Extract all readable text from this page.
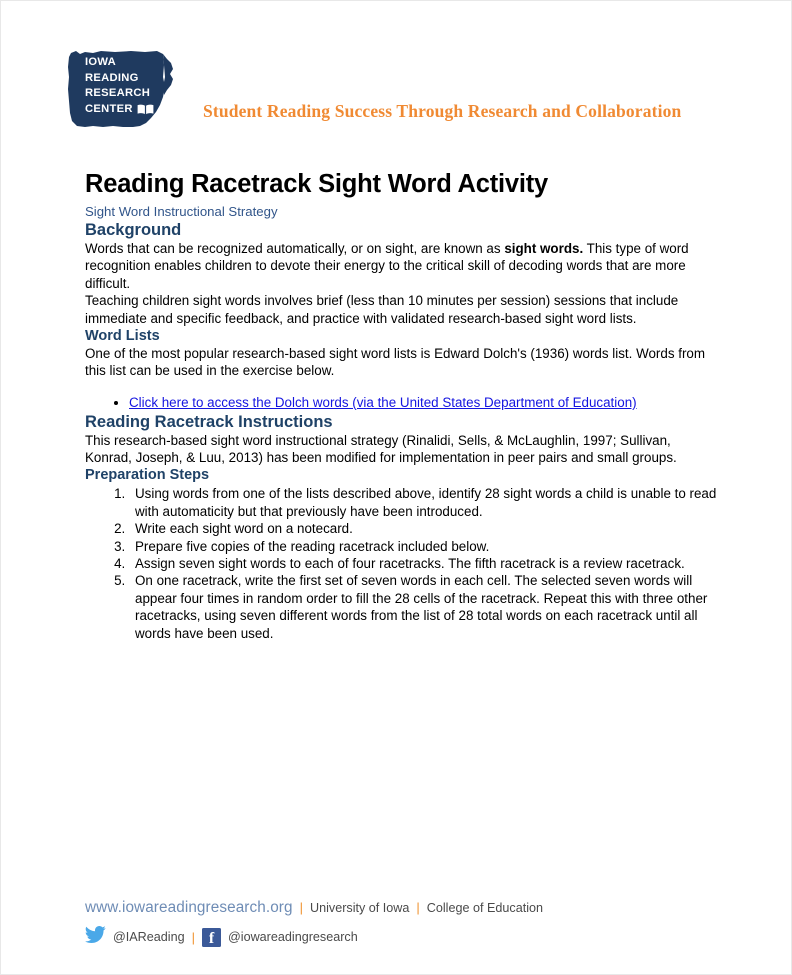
IOWA
READING
RESEARCH
CENTER	Student Reading Success Through Research and Collaboration
Reading Racetrack Sight Word Activity
Sight Word Instructional Strategy
Background

Words that can be recognized automatically, or on sight, are known as sight words. This type of word recognition enables children to devote their energy to the critical skill of decoding words that are more difficult.

Teaching children sight words involves brief (less than 10 minutes per session) sessions that include immediate and specific feedback, and practice with validated research-based sight word lists.

Word Lists

One of the most popular research-based sight word lists is Edward Dolch's (1936) words list. Words from this list can be used in the exercise below.

• Click here to access the Dolch words (via the United States Department of Education)
Reading Racetrack Instructions

This research-based sight word instructional strategy (Rinalidi, Sells, & McLaughlin, 1997; Sullivan, Konrad, Joseph, & Luu, 2013) has been modified for implementation in peer pairs and small groups.

Preparation Steps
1. Using words from one of the lists described above, identify 28 sight words a child is unable to read with automaticity but that previously have been introduced.
2. Write each sight word on a notecard.
3. Prepare five copies of the reading racetrack included below.
4. Assign seven sight words to each of four racetracks. The fifth racetrack is a review racetrack.
5. On one racetrack, write the first set of seven words in each cell. The selected seven words will appear four times in random order to fill the 28 cells of the racetrack. Repeat this with three other racetracks, using seven different words from the list of 28 total words on each racetrack until all words have been used.
www.iowareadingresearch.org | University of Iowa | College of Education
@IAReading | f @iowareadingresearch
